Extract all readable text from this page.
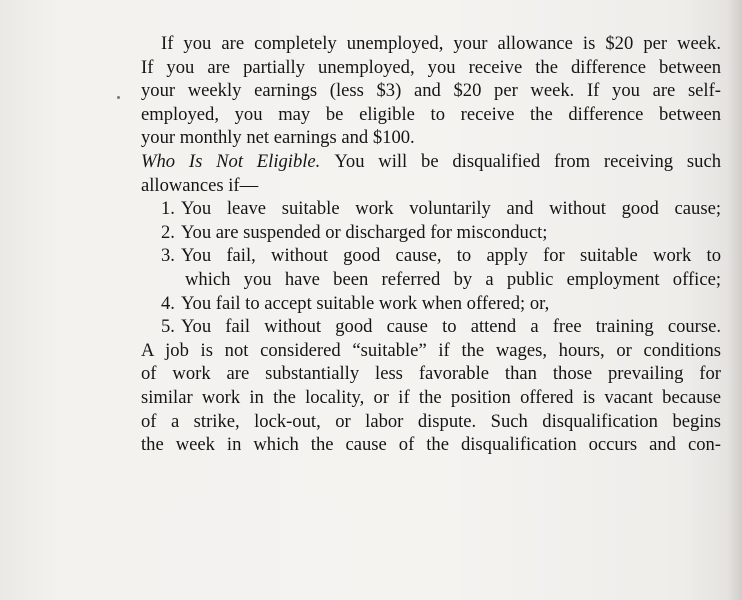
If you are completely unemployed, your allowance is $20 per week.
If you are partially unemployed, you receive the difference between
your weekly earnings (less $3) and $20 per week. If you are self-
employed, you may be eligible to receive the difference between
your monthly net earnings and $100.
Who Is Not Eligible. You will be disqualified from receiving such
allowances if—
1. You leave suitable work voluntarily and without good cause;
2. You are suspended or discharged for misconduct;
3. You fail, without good cause, to apply for suitable work to
which you have been referred by a public employment office;
4. You fail to accept suitable work when offered; or,
5. You fail without good cause to attend a free training course.
A job is not considered “suitable” if the wages, hours, or conditions
of work are substantially less favorable than those prevailing for
similar work in the locality, or if the position offered is vacant because
of a strike, lock-out, or labor dispute. Such disqualification begins
the week in which the cause of the disqualification occurs and con-
